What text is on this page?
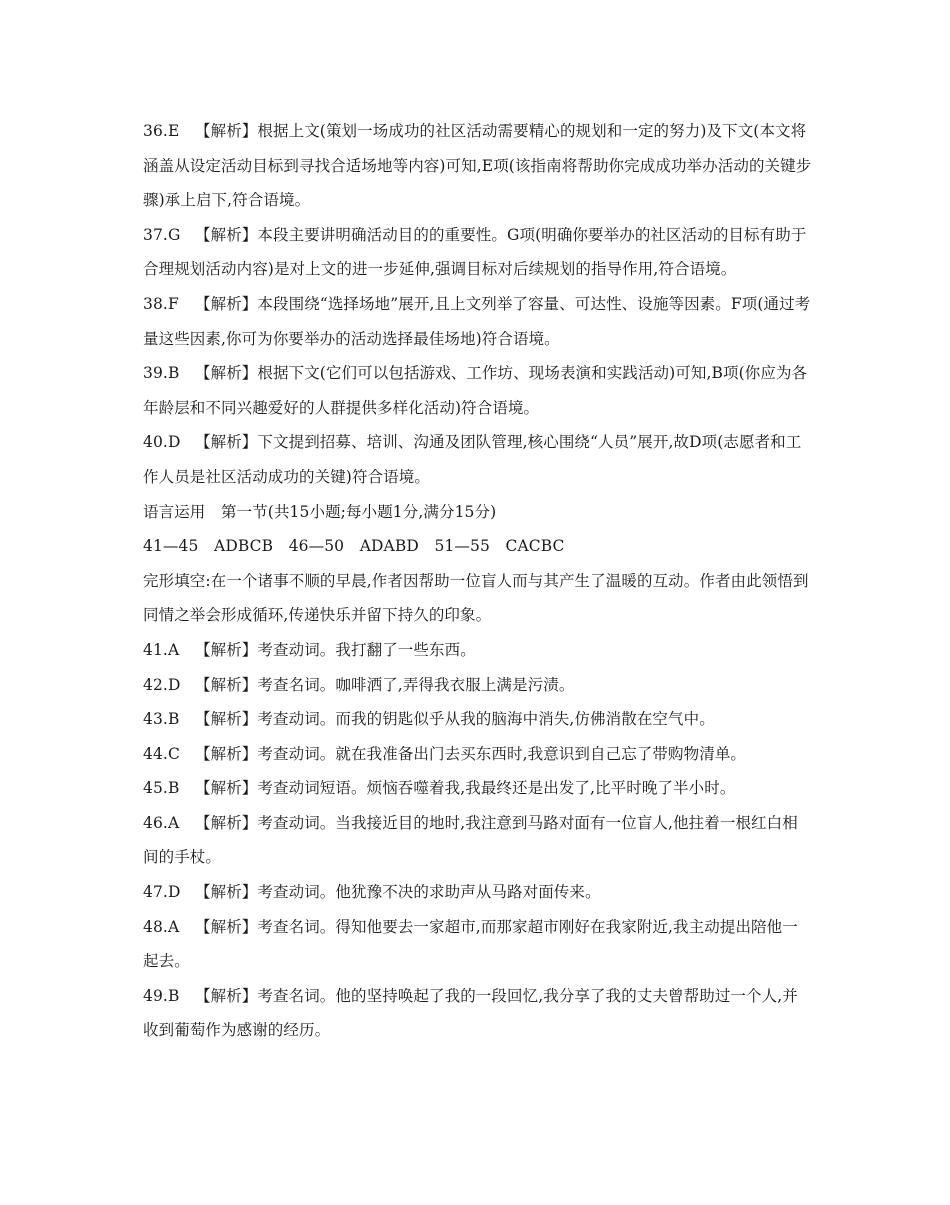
36.E 【解析】根据上文(策划一场成功的社区活动需要精心的规划和一定的努力)及下文(本文将涵盖从设定活动目标到寻找合适场地等内容)可知,E项(该指南将帮助你完成成功举办活动的关键步骤)承上启下,符合语境。

37.G 【解析】本段主要讲明确活动目的的重要性。G项(明确你要举办的社区活动的目标有助于合理规划活动内容)是对上文的进一步延伸,强调目标对后续规划的指导作用,符合语境。

38.F 【解析】本段围绕“选择场地”展开,且上文列举了容量、可达性、设施等因素。F项(通过考量这些因素,你可为你要举办的活动选择最佳场地)符合语境。

39.B 【解析】根据下文(它们可以包括游戏、工作坊、现场表演和实践活动)可知,B项(你应为各年龄层和不同兴趣爱好的人群提供多样化活动)符合语境。

40.D 【解析】下文提到招募、培训、沟通及团队管理,核心围绕“人员”展开,故D项(志愿者和工作人员是社区活动成功的关键)符合语境。

语言运用　第一节(共15小题;每小题1分,满分15分)

41—45　ADBCB　46—50　ADABD　51—55　CACBC

完形填空:在一个诸事不顺的早晨,作者因帮助一位盲人而与其产生了温暖的互动。作者由此领悟到同情之举会形成循环,传递快乐并留下持久的印象。

41.A 【解析】考查动词。我打翻了一些东西。

42.D 【解析】考查名词。咖啡洒了,弄得我衣服上满是污渍。

43.B 【解析】考查动词。而我的钥匙似乎从我的脑海中消失,仿佛消散在空气中。

44.C 【解析】考查动词。就在我准备出门去买东西时,我意识到自己忘了带购物清单。

45.B 【解析】考查动词短语。烦恼吞噬着我,我最终还是出发了,比平时晚了半小时。

46.A 【解析】考查动词。当我接近目的地时,我注意到马路对面有一位盲人,他拄着一根红白相间的手杖。

47.D 【解析】考查动词。他犹豫不决的求助声从马路对面传来。

48.A 【解析】考查名词。得知他要去一家超市,而那家超市刚好在我家附近,我主动提出陪他一起去。

49.B 【解析】考查名词。他的坚持唤起了我的一段回忆,我分享了我的丈夫曾帮助过一个人,并收到葡萄作为感谢的经历。
